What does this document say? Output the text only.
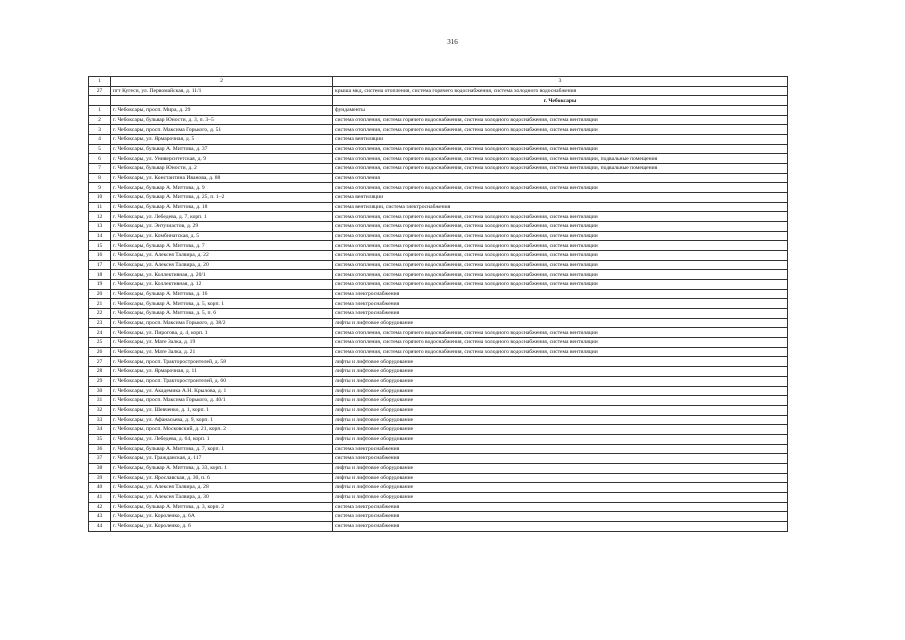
316
1	2	3
27	пгт Кугеси, ул. Первомайская, д. 11/1	крыша мкд, система отопления, система горячего водоснабжения, система холодного водоснабжения
		г. Чебоксары
1	г. Чебоксары, просп. Мира, д. 29	фундаменты
2	г. Чебоксары, бульвар Юности, д. 3, п. 3–5	система отопления, система горячего водоснабжения, система холодного водоснабжения, система вентиляции
3	г. Чебоксары, просп. Максима Горького, д. 51	система отопления, система горячего водоснабжения, система холодного водоснабжения, система вентиляции
4	г. Чебоксары, ул. Ярмарочная, д. 5	система вентиляции
5	г. Чебоксары, бульвар А. Миттова, д. 37	система отопления, система горячего водоснабжения, система холодного водоснабжения, система вентиляции
6	г. Чебоксары, ул. Университетская, д. 9	система отопления, система горячего водоснабжения, система холодного водоснабжения, система вентиляции, подвальные помещения
7	г. Чебоксары, бульвар Юности, д. 2	система отопления, система горячего водоснабжения, система холодного водоснабжения, система вентиляции, подвальные помещения
8	г. Чебоксары, ул. Константина Иванова, д. 88	система отопления
9	г. Чебоксары, бульвар А. Миттова, д. 9	система отопления, система горячего водоснабжения, система холодного водоснабжения, система вентиляции
10	г. Чебоксары, бульвар А. Миттова, д. 25, п. 1–2	система вентиляции
11	г. Чебоксары, бульвар А. Миттова, д. 18	система вентиляции, система электроснабжения
12	г. Чебоксары, ул. Лебедева, д. 7, корп. 1	система отопления, система горячего водоснабжения, система холодного водоснабжения, система вентиляции
13	г. Чебоксары, ул. Энтузиастов, д. 29	система отопления, система горячего водоснабжения, система холодного водоснабжения, система вентиляции
14	г. Чебоксары, ул. Комбинатская, д. 5	система отопления, система горячего водоснабжения, система холодного водоснабжения, система вентиляции
15	г. Чебоксары, бульвар А. Миттова, д. 7	система отопления, система горячего водоснабжения, система холодного водоснабжения, система вентиляции
16	г. Чебоксары, ул. Алексея Талвира, д. 22	система отопления, система горячего водоснабжения, система холодного водоснабжения, система вентиляции
17	г. Чебоксары, ул. Алексея Талвира, д. 20	система отопления, система горячего водоснабжения, система холодного водоснабжения, система вентиляции
18	г. Чебоксары, ул. Коллективная, д. 20/1	система отопления, система горячего водоснабжения, система холодного водоснабжения, система вентиляции
19	г. Чебоксары, ул. Коллективная, д. 12	система отопления, система горячего водоснабжения, система холодного водоснабжения, система вентиляции
20	г. Чебоксары, бульвар А. Миттова, д. 16	система электроснабжения
21	г. Чебоксары, бульвар А. Миттова, д. 5, корп. 1	система электроснабжения
22	г. Чебоксары, бульвар А. Миттова, д. 5, п. 6	система электроснабжения
23	г. Чебоксары, просп. Максима Горького, д. 38/2	лифты и лифтовое оборудование
24	г. Чебоксары, ул. Пирогова, д. 4, корп. 1	система отопления, система горячего водоснабжения, система холодного водоснабжения, система вентиляции
25	г. Чебоксары, ул. Мате Залка, д. 19	система отопления, система горячего водоснабжения, система холодного водоснабжения, система вентиляции
26	г. Чебоксары, ул. Мате Залка, д. 21	система отопления, система горячего водоснабжения, система холодного водоснабжения, система вентиляции
27	г. Чебоксары, просп. Тракторостроителей, д. 58	лифты и лифтовое оборудование
28	г. Чебоксары, ул. Ярмарочная, д. 11	лифты и лифтовое оборудование
29	г. Чебоксары, просп. Тракторостроителей, д. 60	лифты и лифтовое оборудование
30	г. Чебоксары, ул. Академика А.Н. Крылова, д. 1	лифты и лифтовое оборудование
31	г. Чебоксары, просп. Максима Горького, д. 40/1	лифты и лифтовое оборудование
32	г. Чебоксары, ул. Шевченко, д. 1, корп. 1	лифты и лифтовое оборудование
33	г. Чебоксары, ул. Афанасьева, д. 9, корп. 1	лифты и лифтовое оборудование
34	г. Чебоксары, просп. Московский, д. 21, корп. 2	лифты и лифтовое оборудование
35	г. Чебоксары, ул. Лебедева, д. 64, корп. 1	лифты и лифтовое оборудование
36	г. Чебоксары, бульвар А. Миттова, д. 7, корп. 1	система электроснабжения
37	г. Чебоксары, ул. Гражданская, д. 117	система электроснабжения
38	г. Чебоксары, бульвар А. Миттова, д. 33, корп. 1	лифты и лифтовое оборудование
39	г. Чебоксары, ул. Ярославская, д. 30, п. 6	лифты и лифтовое оборудование
40	г. Чебоксары, ул. Алексея Талвира, д. 28	лифты и лифтовое оборудование
41	г. Чебоксары, ул. Алексея Талвира, д. 30	лифты и лифтовое оборудование
42	г. Чебоксары, бульвар А. Миттова, д. 3, корп. 2	система электроснабжения
43	г. Чебоксары, ул. Короленко, д. 6А	система электроснабжения
44	г. Чебоксары, ул. Короленко, д. 6	система электроснабжения
